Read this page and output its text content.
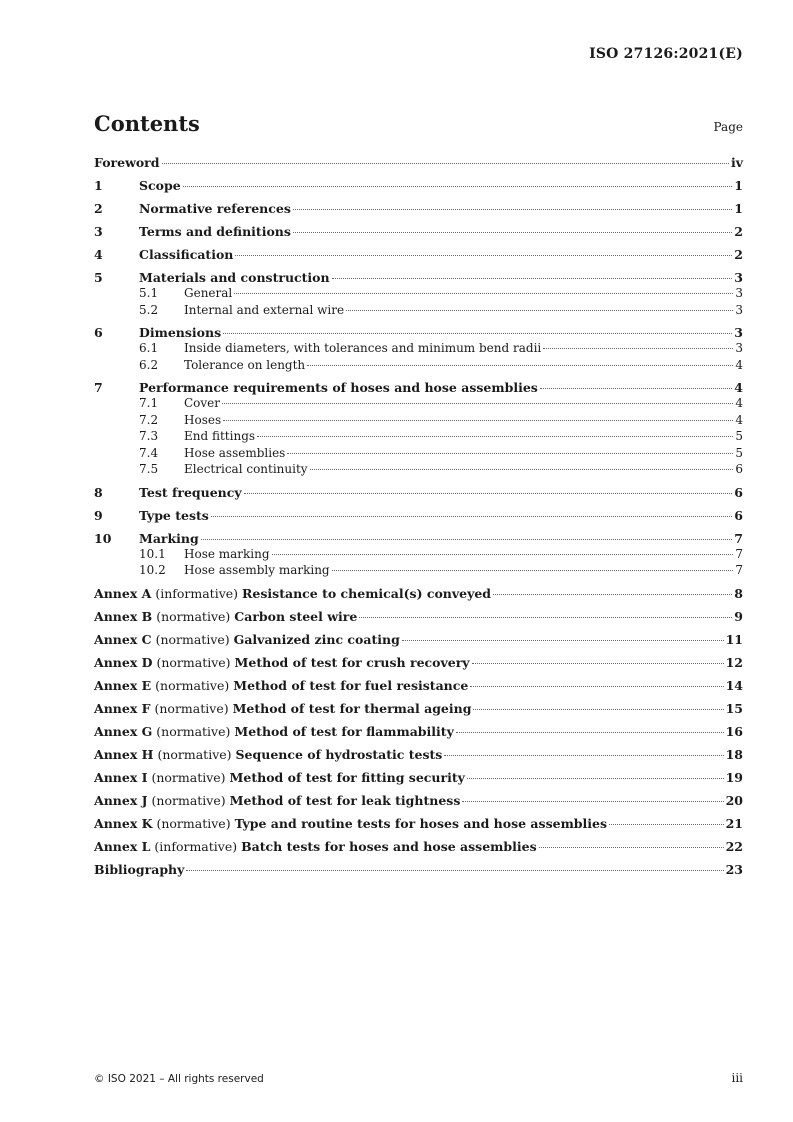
ISO 27126:2021(E)
Contents	Page
Foreword	iv
1	Scope	1
2	Normative references	1
3	Terms and definitions	2
4	Classification	2
5	Materials and construction	3
5.1	General	3
5.2	Internal and external wire	3
6	Dimensions	3
6.1	Inside diameters, with tolerances and minimum bend radii	3
6.2	Tolerance on length	4
7	Performance requirements of hoses and hose assemblies	4
7.1	Cover	4
7.2	Hoses	4
7.3	End fittings	5
7.4	Hose assemblies	5
7.5	Electrical continuity	6
8	Test frequency	6
9	Type tests	6
10	Marking	7
10.1	Hose marking	7
10.2	Hose assembly marking	7
Annex A (informative) Resistance to chemical(s) conveyed	8
Annex B (normative) Carbon steel wire	9
Annex C (normative) Galvanized zinc coating	11
Annex D (normative) Method of test for crush recovery	12
Annex E (normative) Method of test for fuel resistance	14
Annex F (normative) Method of test for thermal ageing	15
Annex G (normative) Method of test for flammability	16
Annex H (normative) Sequence of hydrostatic tests	18
Annex I (normative) Method of test for fitting security	19
Annex J (normative) Method of test for leak tightness	20
Annex K (normative) Type and routine tests for hoses and hose assemblies	21
Annex L (informative) Batch tests for hoses and hose assemblies	22
Bibliography	23
© ISO 2021 – All rights reserved	iii
